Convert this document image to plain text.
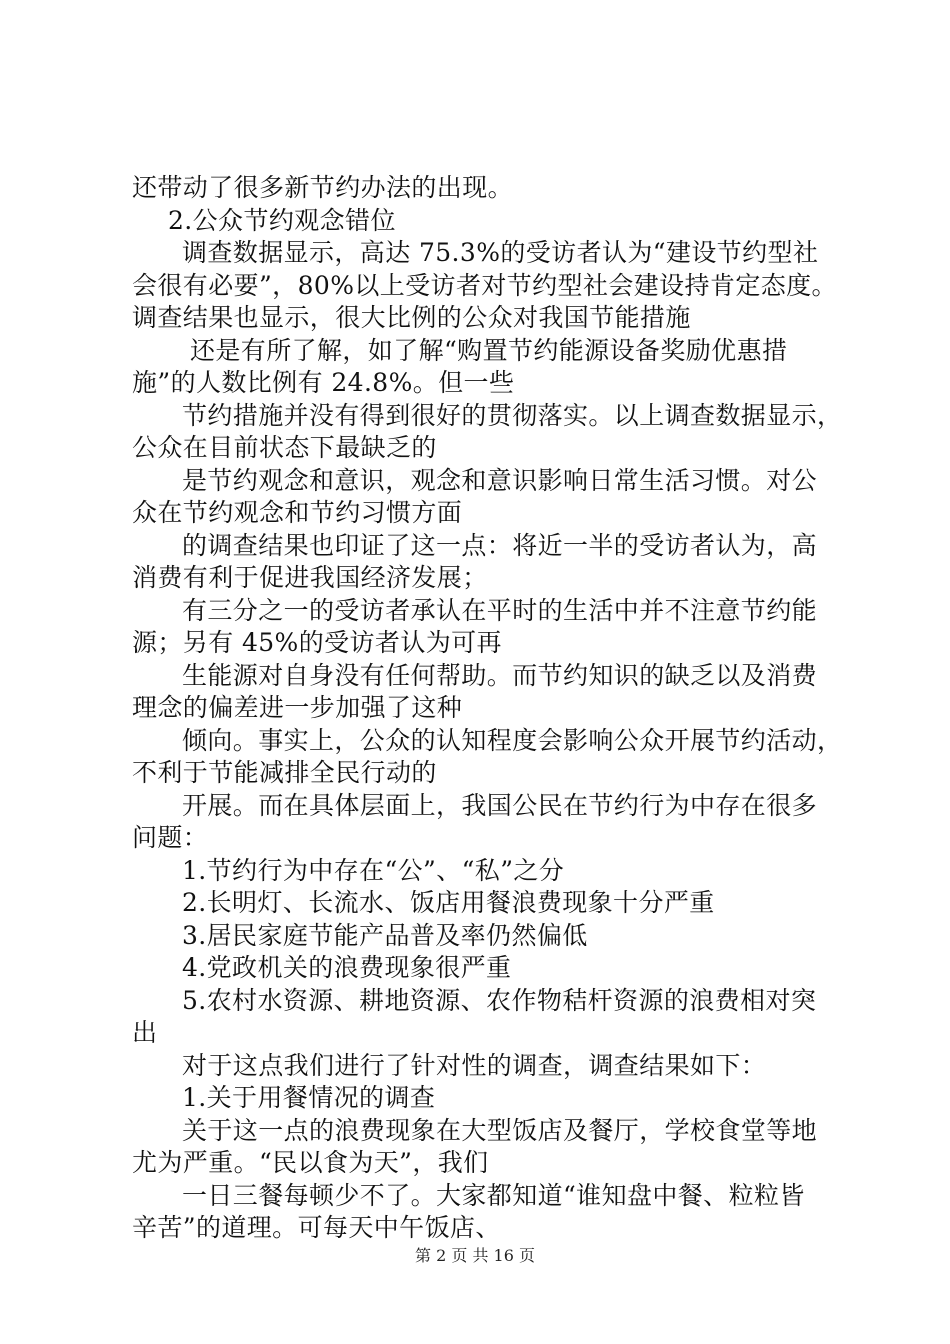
还带动了很多新节约办法的出现。
2.公众节约观念错位
调查数据显示，高达 75.3%的受访者认为“建设节约型社
会很有必要”，80%以上受访者对节约型社会建设持肯定态度。
调查结果也显示，很大比例的公众对我国节能措施
还是有所了解，如了解“购置节约能源设备奖励优惠措
施”的人数比例有 24.8%。但一些
节约措施并没有得到很好的贯彻落实。以上调查数据显示，
公众在目前状态下最缺乏的
是节约观念和意识，观念和意识影响日常生活习惯。对公
众在节约观念和节约习惯方面
的调查结果也印证了这一点：将近一半的受访者认为，高
消费有利于促进我国经济发展；
有三分之一的受访者承认在平时的生活中并不注意节约能
源；另有 45%的受访者认为可再
生能源对自身没有任何帮助。而节约知识的缺乏以及消费
理念的偏差进一步加强了这种
倾向。事实上，公众的认知程度会影响公众开展节约活动，
不利于节能减排全民行动的
开展。而在具体层面上，我国公民在节约行为中存在很多
问题：
1.节约行为中存在“公”、“私”之分
2.长明灯、长流水、饭店用餐浪费现象十分严重
3.居民家庭节能产品普及率仍然偏低
4.党政机关的浪费现象很严重
5.农村水资源、耕地资源、农作物秸杆资源的浪费相对突
出
对于这点我们进行了针对性的调查，调查结果如下：
1.关于用餐情况的调查
关于这一点的浪费现象在大型饭店及餐厅，学校食堂等地
尤为严重。“民以食为天”，我们
一日三餐每顿少不了。大家都知道“谁知盘中餐、粒粒皆
辛苦”的道理。可每天中午饭店、
第 2 页 共 16 页
